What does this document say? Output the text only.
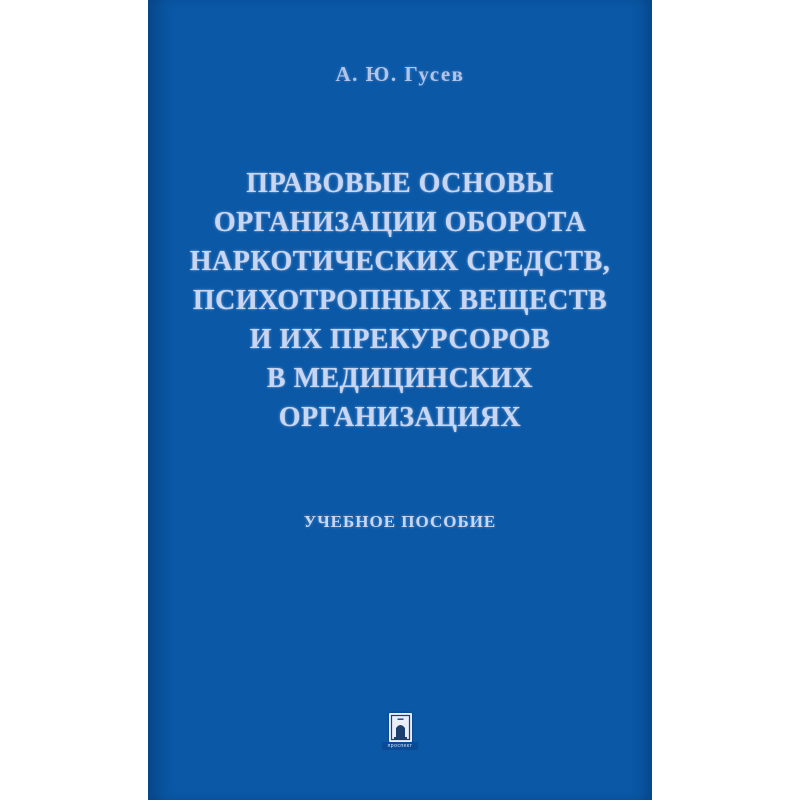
А. Ю. Гусев
ПРАВОВЫЕ ОСНОВЫ
ОРГАНИЗАЦИИ ОБОРОТА
НАРКОТИЧЕСКИХ СРЕДСТВ,
ПСИХОТРОПНЫХ ВЕЩЕСТВ
И ИХ ПРЕКУРСОРОВ
В МЕДИЦИНСКИХ
ОРГАНИЗАЦИЯХ
УЧЕБНОЕ ПОСОБИЕ
проспект
